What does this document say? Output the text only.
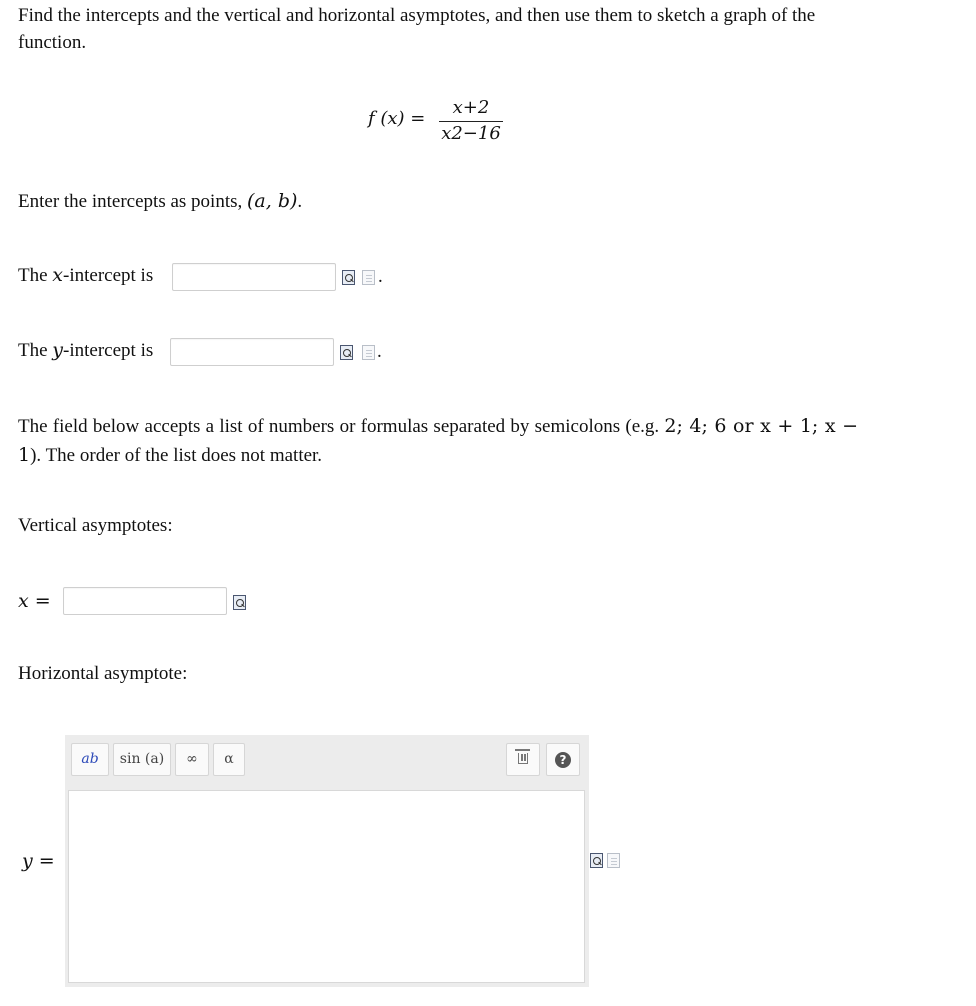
Find the intercepts and the vertical and horizontal asymptotes, and then use them to sketch a graph of the function.

f (x) =
x+2
x2−16

Enter the intercepts as points, (a, b).

The x-intercept is	.

The y-intercept is	.

The field below accepts a list of numbers or formulas separated by semicolons (e.g. 2; 4; 6 or x + 1; x − 1). The order of the list does not matter.

Vertical asymptotes:

x =

Horizontal asymptote:

y =
ab	sin (a)	∞	α	?
